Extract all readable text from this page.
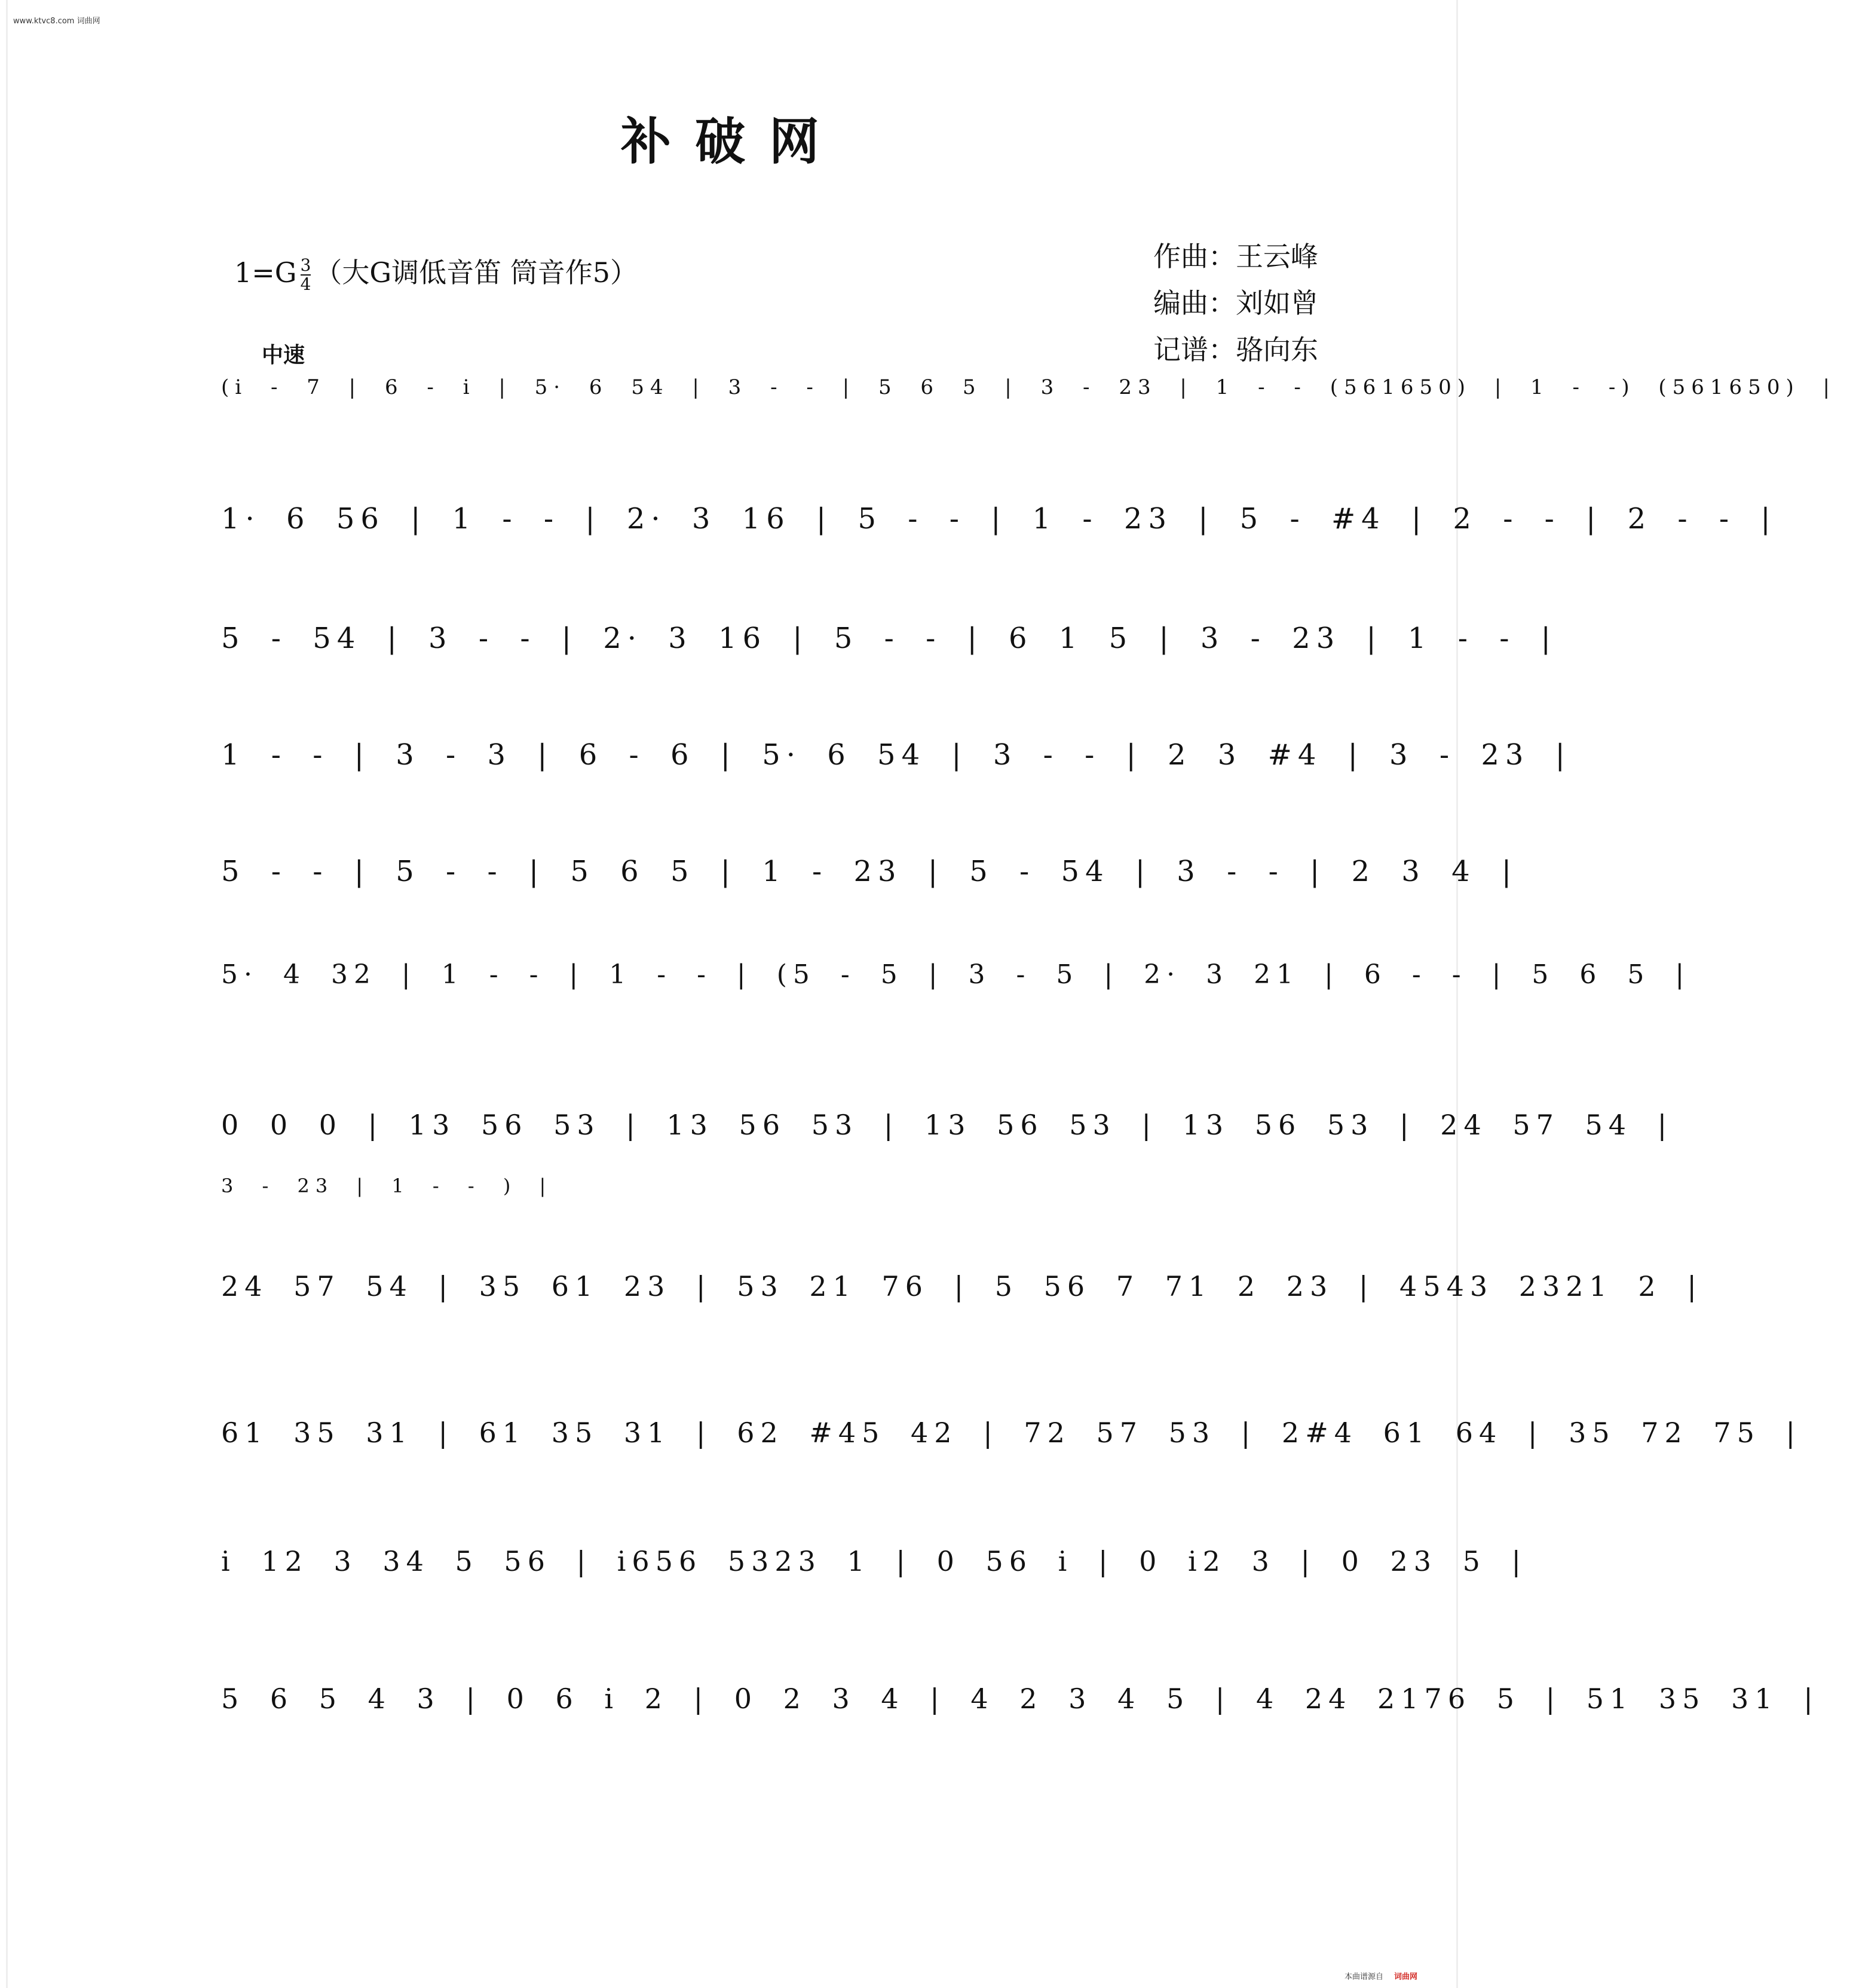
www.ktvc8.com 词曲网
补破网
$1=G \frac{3}{4}$ （大G调低音笛 筒音作5）	作曲：王云峰
编曲：刘如曾
记谱：骆向东
中速
(i - 7 | 6 - i | 5· 6 54 | 3 - - | 5 6 5 | 3 - 23 | 1 - - (561650) | 1 - -) (561650) |
1· 6 56 | 1 - - | 2· 3 16 | 5 - - | 1 - 23 | 5 - #4 | 2 - - | 2 - - |
5 - 54 | 3 - - | 2· 3 16 | 5 - - | 6 1 5 | 3 - 23 | 1 - - |
1 - - | 3 - 3 | 6 - 6 | 5· 6 54 | 3 - - | 2 3 #4 | 3 - 23 |
5 - - | 5 - - | 5 6 5 | 1 - 23 | 5 - 54 | 3 - - | 2 3 4 |
5· 4 32 | 1 - - | 1 - - | (5 - 5 | 3 - 5 | 2· 3 21 | 6 - - | 5 6 5 |
0 0 0 | 13 56 53 | 13 56 53 | 13 56 53 | 13 56 53 | 24 57 54 |
3 - 23 | 1 - - ) |
24 57 54 | 35 61 23 | 53 21 76 | 5 56 7 71 2 23 | 4543 2321 2 |
61 35 31 | 61 35 31 | 62 #45 42 | 72 57 53 | 2#4 61 64 | 35 72 75 |
i 12 3 34 5 56 | i656 5323 1 | 0 56 i | 0 i2 3 | 0 23 5 |
5 6 5 4 3 | 0 6 i 2 | 0 2 3 4 | 4 2 3 4 5 | 4 24 2176 5 | 51 35 31 |
本曲谱源自 词曲网
